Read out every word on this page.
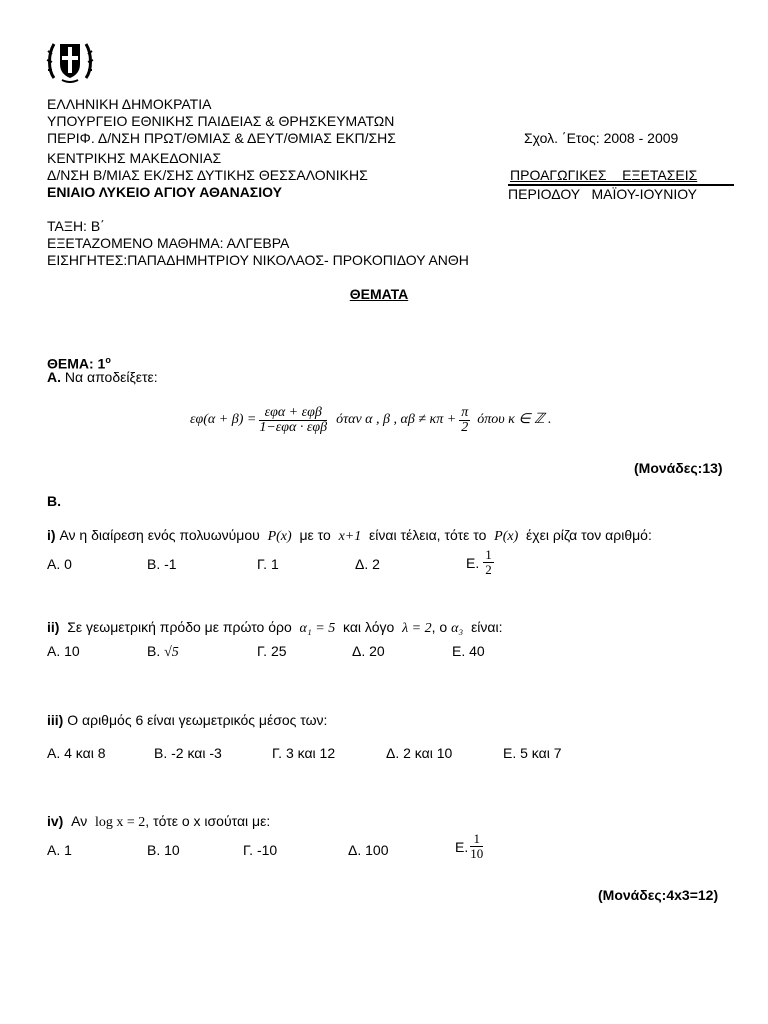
ΕΛΛΗΝΙΚΗ ΔΗΜΟΚΡΑΤΙΑ
ΥΠΟΥΡΓΕΙΟ ΕΘΝΙΚΗΣ ΠΑΙΔΕΙΑΣ & ΘΡΗΣΚΕΥΜΑΤΩΝ
ΠΕΡΙΦ. Δ/ΝΣΗ ΠΡΩΤ/ΘΜΙΑΣ & ΔΕΥΤ/ΘΜΙΑΣ ΕΚΠ/ΣΗΣ	Σχολ. ΄Ετος: 2008 - 2009
ΚΕΝΤΡΙΚΗΣ ΜΑΚΕΔΟΝΙΑΣ
Δ/ΝΣΗ Β/ΜΙΑΣ ΕΚ/ΣΗΣ ΔΥΤΙΚΗΣ ΘΕΣΣΑΛΟΝΙΚΗΣ	ΠΡΟΑΓΩΓΙΚΕΣ    ΕΞΕΤΑΣΕΙΣ
ΕΝΙΑΙΟ ΛΥΚΕΙΟ ΑΓΙΟΥ ΑΘΑΝΑΣΙΟΥ	ΠΕΡΙΟΔΟΥ   ΜΑΪΟΥ-ΙΟΥΝΙΟΥ
ΤΑΞΗ: Β΄
ΕΞΕΤΑΖΟΜΕΝΟ ΜΑΘΗΜΑ: ΑΛΓΕΒΡΑ
ΕΙΣΗΓΗΤΕΣ:ΠΑΠΑΔΗΜΗΤΡΙΟΥ ΝΙΚΟΛΑΟΣ- ΠΡΟΚΟΠΙΔΟΥ ΑΝΘΗ
ΘΕΜΑΤΑ
ΘΕΜΑ: $1^o$
Α. Να αποδείξετε:
$\varepsilon\varphi(\alpha + \beta) = \frac{\text{εφα + εφβ}}{\text{1−εφα · εφβ}}$ όταν α , β , $\alpha\beta \ne \kappa\pi + \frac{\pi}{2}$ όπου κ ∈ ℤ .
(Μονάδες:13)
Β.
i) Αν η διαίρεση ενός πολυωνύμου P(x) με το x+1 είναι τέλεια, τότε το P(x) έχει ρίζα τον αριθμό:
Α. 0	Β. -1	Γ. 1	Δ. 2	Ε. $\frac{1}{2}$
ii) Σε γεωμετρική πρόδο με πρώτο όρο α₁ = 5 και λόγο λ = 2, ο α₃ είναι:
Α. 10	Β. √5	Γ. 25	Δ. 20	Ε. 40
iii) Ο αριθμός 6 είναι γεωμετρικός μέσος των:
Α. 4 και 8	Β. -2 και -3	Γ. 3 και 12	Δ. 2 και 10	Ε. 5 και 7
iv) Αν log x = 2, τότε ο x ισούται με:
Α. 1	Β. 10	Γ. -10	Δ. 100	Ε. $\frac{1}{10}$
(Μονάδες:4x3=12)
